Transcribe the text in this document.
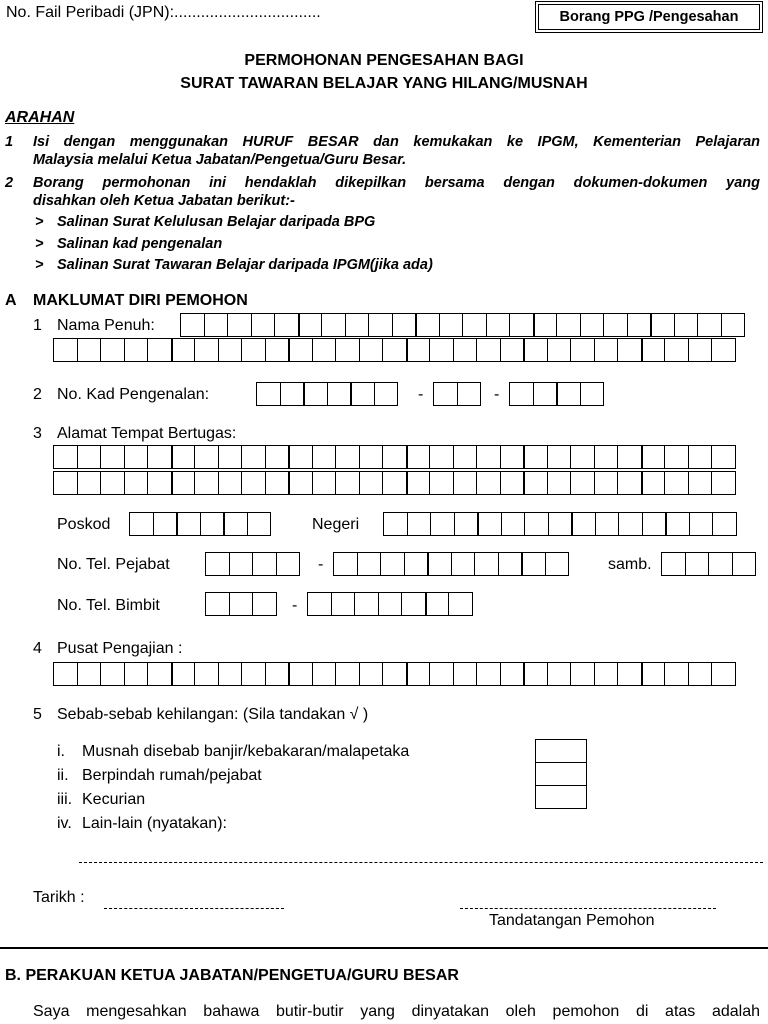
No. Fail Peribadi (JPN):.................................	Borang PPG /Pengesahan
PERMOHONAN PENGESAHAN BAGI
SURAT TAWARAN BELAJAR YANG HILANG/MUSNAH
ARAHAN
1 Isi dengan menggunakan HURUF BESAR dan kemukakan ke IPGM, Kementerian Pelajaran
Malaysia melalui Ketua Jabatan/Pengetua/Guru Besar.
2 Borang permohonan ini hendaklah dikepilkan bersama dengan dokumen-dokumen yang
disahkan oleh Ketua Jabatan berikut:-
> Salinan Surat Kelulusan Belajar daripada BPG
> Salinan kad pengenalan
> Salinan Surat Tawaran Belajar daripada IPGM(jika ada)
A MAKLUMAT DIRI PEMOHON
1 Nama Penuh:
2 No. Kad Pengenalan:	-	-
3 Alamat Tempat Bertugas:
Poskod	Negeri
No. Tel. Pejabat	-	samb.
No. Tel. Bimbit	-
4 Pusat Pengajian :
5 Sebab-sebab kehilangan: (Sila tandakan √ )
i. Musnah disebab banjir/kebakaran/malapetaka
ii. Berpindah rumah/pejabat
iii. Kecurian
iv. Lain-lain (nyatakan):
Tarikh :
Tandatangan Pemohon
B. PERAKUAN KETUA JABATAN/PENGETUA/GURU BESAR
Saya mengesahkan bahawa butir-butir yang dinyatakan oleh pemohon di atas adalah
